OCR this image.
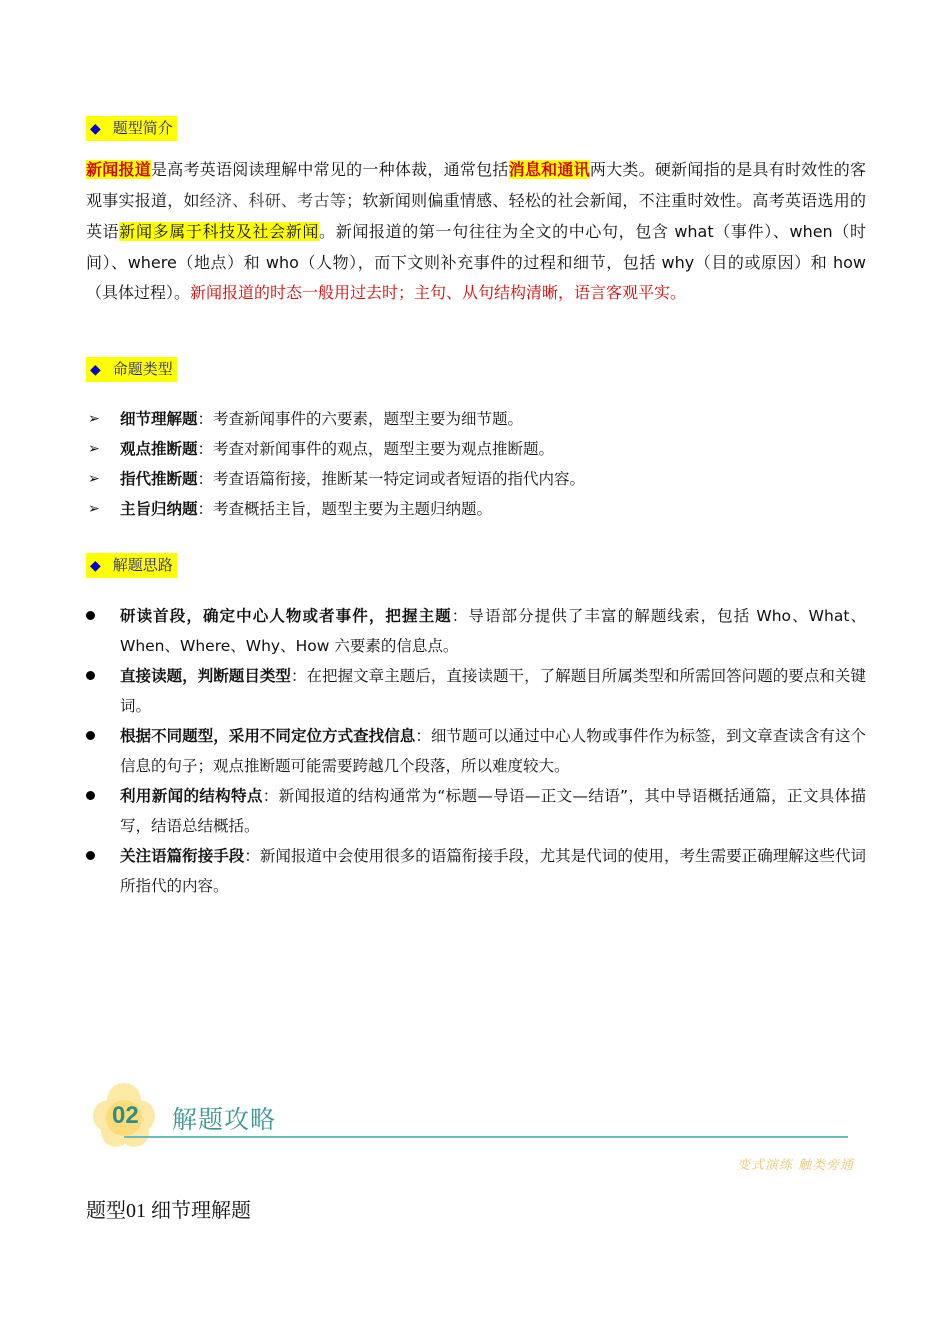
◆ 题型简介
新闻报道是高考英语阅读理解中常见的一种体裁，通常包括消息和通讯两大类。硬新闻指的是具有时效性的客观事实报道，如经济、科研、考古等；软新闻则偏重情感、轻松的社会新闻，不注重时效性。高考英语选用的英语新闻多属于科技及社会新闻。新闻报道的第一句往往为全文的中心句，包含 what（事件）、when（时间）、where（地点）和 who（人物），而下文则补充事件的过程和细节，包括 why（目的或原因）和 how（具体过程）。新闻报道的时态一般用过去时；主句、从句结构清晰，语言客观平实。
◆ 命题类型
➢ 细节理解题：考查新闻事件的六要素，题型主要为细节题。
➢ 观点推断题：考查对新闻事件的观点，题型主要为观点推断题。
➢ 指代推断题：考查语篇衔接，推断某一特定词或者短语的指代内容。
➢ 主旨归纳题：考查概括主旨，题型主要为主题归纳题。
◆ 解题思路
研读首段，确定中心人物或者事件，把握主题：导语部分提供了丰富的解题线索，包括 Who、What、When、Where、Why、How 六要素的信息点。
直接读题，判断题目类型：在把握文章主题后，直接读题干，了解题目所属类型和所需回答问题的要点和关键词。
根据不同题型，采用不同定位方式查找信息：细节题可以通过中心人物或事件作为标签，到文章查读含有这个信息的句子；观点推断题可能需要跨越几个段落，所以难度较大。
利用新闻的结构特点：新闻报道的结构通常为“标题—导语—正文—结语”，其中导语概括通篇，正文具体描写，结语总结概括。
关注语篇衔接手段：新闻报道中会使用很多的语篇衔接手段，尤其是代词的使用，考生需要正确理解这些代词所指代的内容。
02 解题攻略
变式演练 触类旁通
题型01 细节理解题
